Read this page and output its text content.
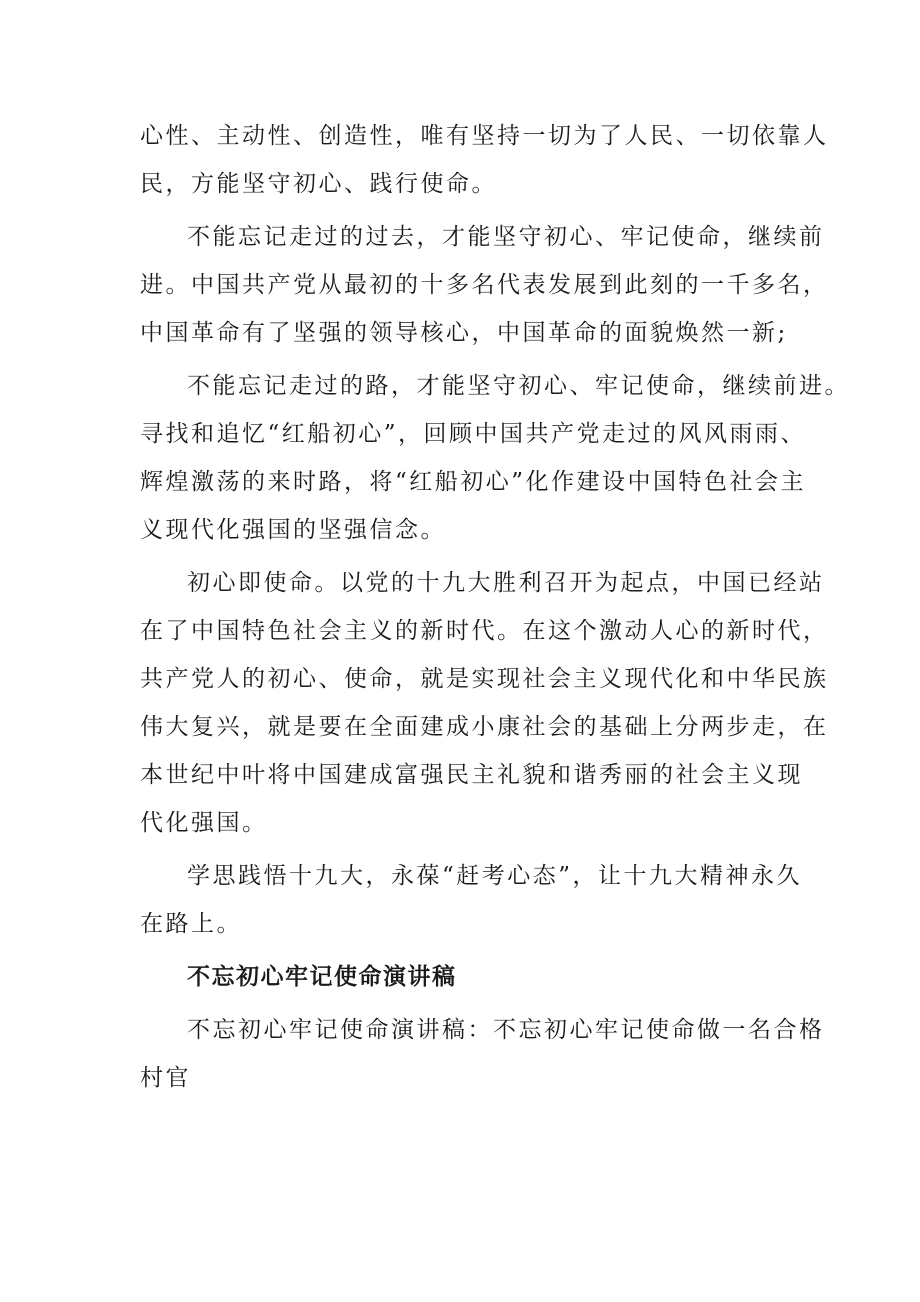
心性、主动性、创造性，唯有坚持一切为了人民、一切依靠人
民，方能坚守初心、践行使命。
不能忘记走过的过去，才能坚守初心、牢记使命，继续前
进。中国共产党从最初的十多名代表发展到此刻的一千多名，
中国革命有了坚强的领导核心，中国革命的面貌焕然一新;
不能忘记走过的路，才能坚守初心、牢记使命，继续前进。
寻找和追忆“红船初心”，回顾中国共产党走过的风风雨雨、
辉煌激荡的来时路，将“红船初心”化作建设中国特色社会主
义现代化强国的坚强信念。
初心即使命。以党的十九大胜利召开为起点，中国已经站
在了中国特色社会主义的新时代。在这个激动人心的新时代，
共产党人的初心、使命，就是实现社会主义现代化和中华民族
伟大复兴，就是要在全面建成小康社会的基础上分两步走，在
本世纪中叶将中国建成富强民主礼貌和谐秀丽的社会主义现
代化强国。
学思践悟十九大，永葆“赶考心态”，让十九大精神永久
在路上。
不忘初心牢记使命演讲稿
不忘初心牢记使命演讲稿：不忘初心牢记使命做一名合格
村官
